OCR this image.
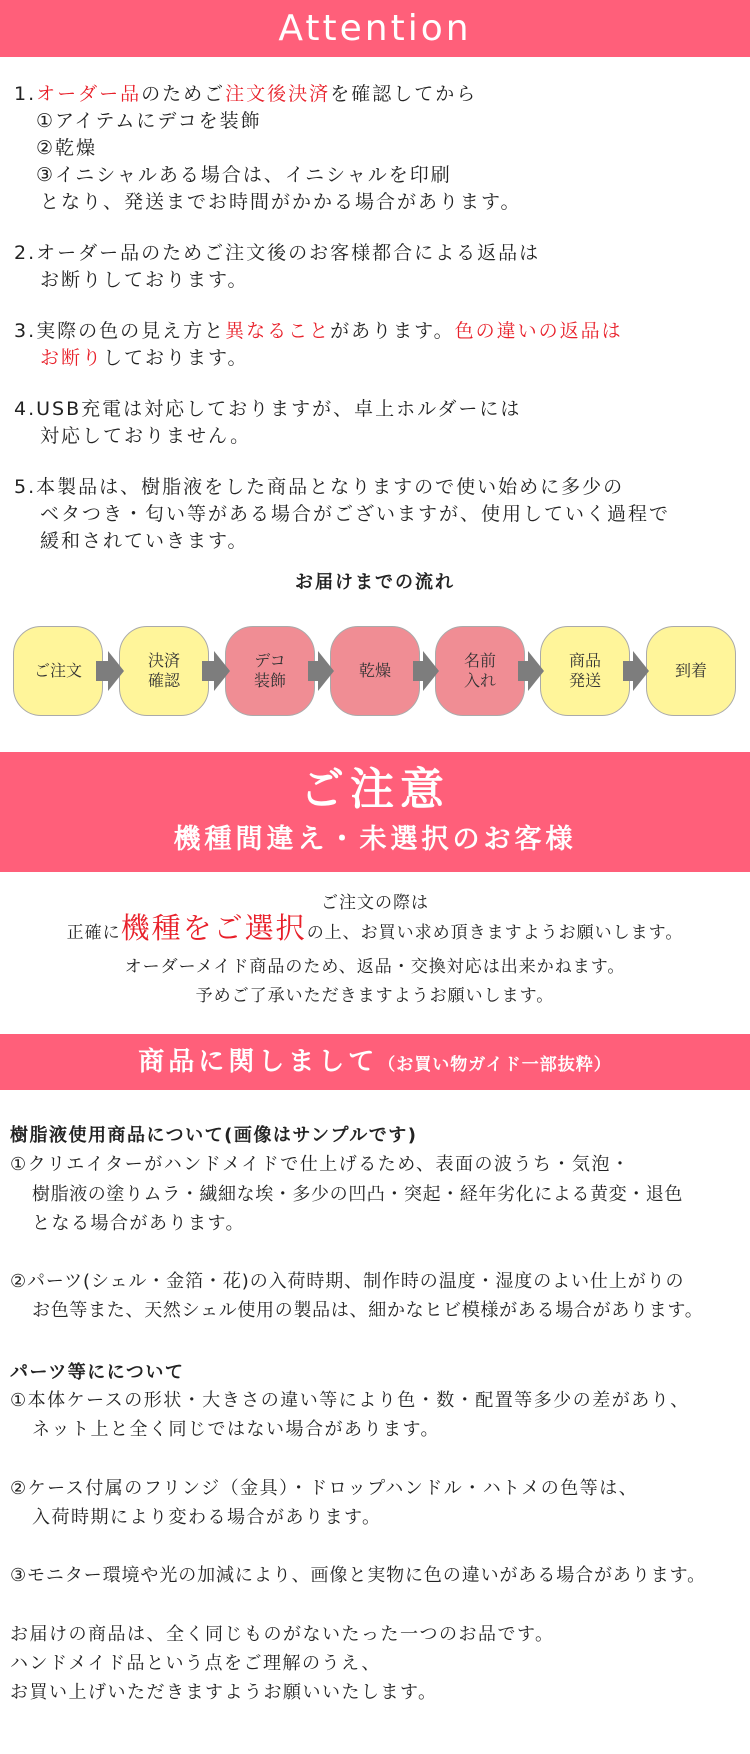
Attention
1.オーダー品のためご注文後決済を確認してから
①アイテムにデコを装飾
②乾燥
③イニシャルある場合は、イニシャルを印刷
となり、発送までお時間がかかる場合があります。
2.オーダー品のためご注文後のお客様都合による返品は
お断りしております。
3.実際の色の見え方と異なることがあります。色の違いの返品は
お断りしております。
4.USB充電は対応しておりますが、卓上ホルダーには
対応しておりません。
5.本製品は、樹脂液をした商品となりますので使い始めに多少の
ベタつき・匂い等がある場合がございますが、使用していく過程で
緩和されていきます。
お届けまでの流れ
ご注文
決済
確認
デコ
装飾
乾燥
名前
入れ
商品
発送
到着
ご注意
機種間違え・未選択のお客様
ご注文の際は
正確に機種をご選択の上、お買い求め頂きますようお願いします。
オーダーメイド商品のため、返品・交換対応は出来かねます。
予めご了承いただきますようお願いします。
商品に関しまして（お買い物ガイド一部抜粋）
樹脂液使用商品について(画像はサンプルです)
①クリエイターがハンドメイドで仕上げるため、表面の波うち・気泡・
樹脂液の塗りムラ・繊細な埃・多少の凹凸・突起・経年劣化による黄変・退色
となる場合があります。
②パーツ(シェル・金箔・花)の入荷時期、制作時の温度・湿度のよい仕上がりの
お色等また、天然シェル使用の製品は、細かなヒビ模様がある場合があります。
パーツ等にについて
①本体ケースの形状・大きさの違い等により色・数・配置等多少の差があり、
ネット上と全く同じではない場合があります。
②ケース付属のフリンジ（金具）・ドロップハンドル・ハトメの色等は、
入荷時期により変わる場合があります。
③モニター環境や光の加減により、画像と実物に色の違いがある場合があります。
お届けの商品は、全く同じものがないたった一つのお品です。
ハンドメイド品という点をご理解のうえ、
お買い上げいただきますようお願いいたします。
